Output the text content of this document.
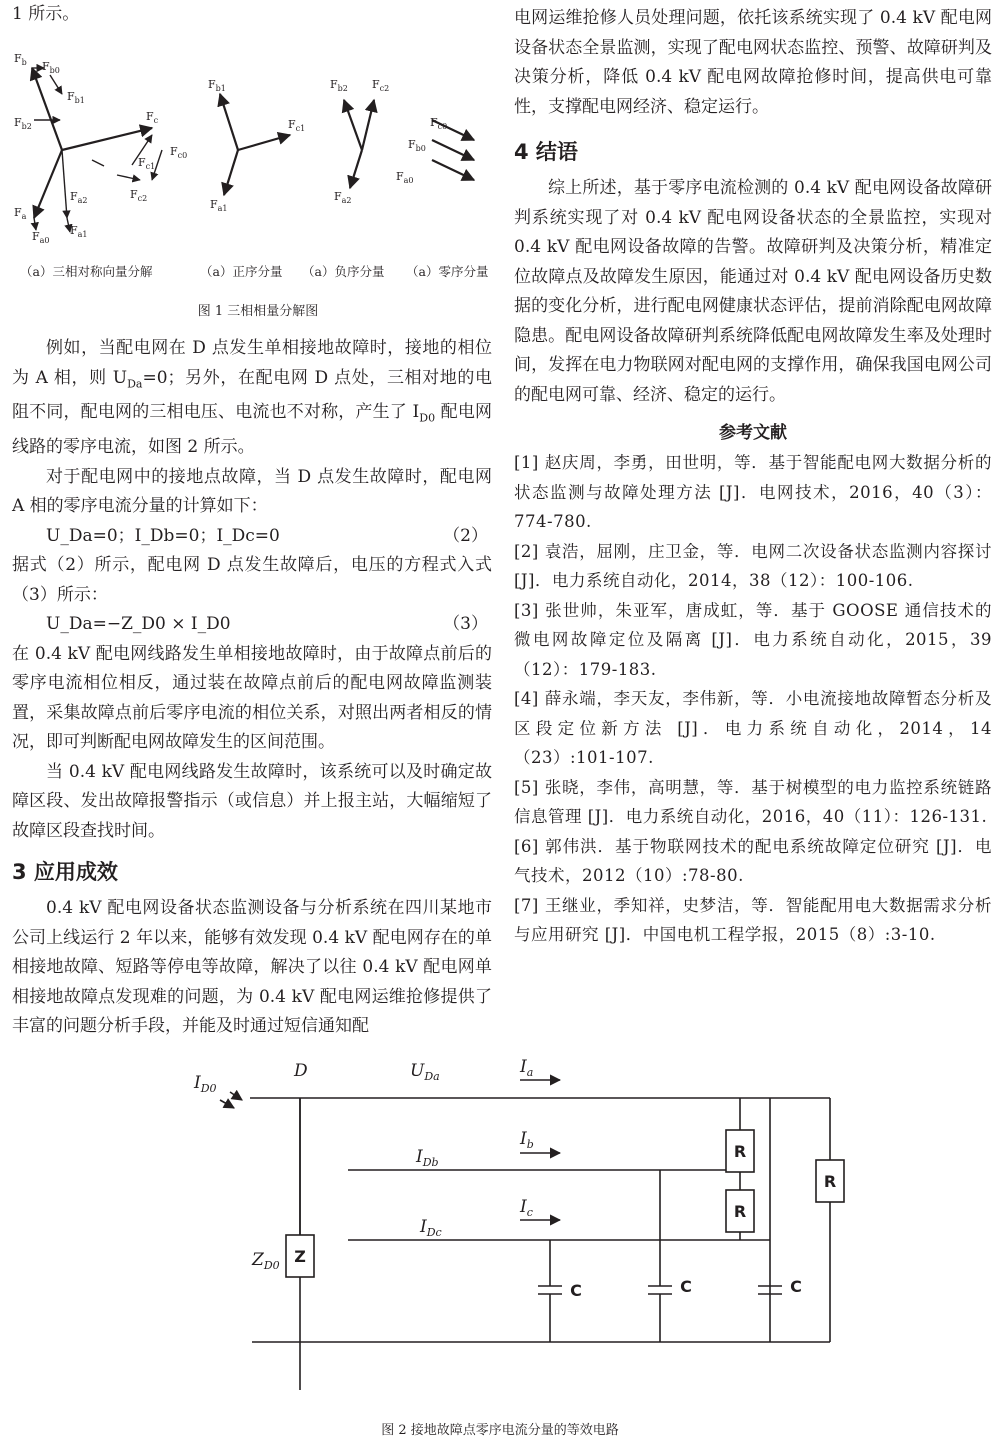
1 所示。

$F_b$ $F_{b0}$
$F_{b1}$
$F_{b2}$
$F_c$
$F_{c0}$
$F_{c1}$
$F_{c2}$
$F_a$
$F_{a0}$
$F_{a1}$
$F_{a2}$
$F_{b1}$
$F_{c1}$
$F_{a1}$
$F_{b2}$ $F_{c2}$
$F_{a2}$
$F_{c0}$
$F_{b0}$
$F_{a0}$
（a）三相对称向量分解	（a）正序分量 （a）负序分量 （a）零序分量
图 1 三相相量分解图

例如，当配电网在 D 点发生单相接地故障时，接地的相位为 A 相，则 $U_{Da}=0$；另外，在配电网 D 点处，三相对地的电阻不同，配电网的三相电压、电流也不对称，产生了 $I_{D0}$ 配电网线路的零序电流，如图 2 所示。

对于配电网中的接地点故障，当 D 点发生故障时，配电网 A 相的零序电流分量的计算如下：

U_Da=0；I_Db=0；I_Dc=0	（2）

据式（2）所示，配电网 D 点发生故障后，电压的方程式入式（3）所示：

U_Da=−Z_D0 × I_D0	（3）

在 0.4 kV 配电网线路发生单相接地故障时，由于故障点前后的零序电流相位相反，通过装在故障点前后的配电网故障监测装置，采集故障点前后零序电流的相位关系，对照出两者相反的情况，即可判断配电网故障发生的区间范围。

当 0.4 kV 配电网线路发生故障时，该系统可以及时确定故障区段、发出故障报警指示（或信息）并上报主站，大幅缩短了故障区段查找时间。

3 应用成效

0.4 kV 配电网设备状态监测设备与分析系统在四川某地市公司上线运行 2 年以来，能够有效发现 0.4 kV 配电网存在的单相接地故障、短路等停电等故障，解决了以往 0.4 kV 配电网单相接地故障点发现难的问题，为 0.4 kV 配电网运维抢修提供了丰富的问题分析手段，并能及时通过短信通知配

电网运维抢修人员处理问题，依托该系统实现了 0.4 kV 配电网设备状态全景监测，实现了配电网状态监控、预警、故障研判及决策分析，降低 0.4 kV 配电网故障抢修时间，提高供电可靠性，支撑配电网经济、稳定运行。

4 结语

综上所述，基于零序电流检测的 0.4 kV 配电网设备故障研判系统实现了对 0.4 kV 配电网设备状态的全景监控，实现对 0.4 kV 配电网设备故障的告警。故障研判及决策分析，精准定位故障点及故障发生原因，能通过对 0.4 kV 配电网设备历史数据的变化分析，进行配电网健康状态评估，提前消除配电网故障隐患。配电网设备故障研判系统降低配电网故障发生率及处理时间，发挥在电力物联网对配电网的支撑作用，确保我国电网公司的配电网可靠、经济、稳定的运行。

参考文献

[1] 赵庆周，李勇，田世明，等．基于智能配电网大数据分析的状态监测与故障处理方法 [J]．电网技术，2016，40（3）：774-780.

[2] 袁浩，屈刚，庄卫金，等．电网二次设备状态监测内容探讨 [J]．电力系统自动化，2014，38（12）：100-106.

[3] 张世帅，朱亚军，唐成虹，等．基于 GOOSE 通信技术的微电网故障定位及隔离 [J]．电力系统自动化，2015，39（12）：179-183.

[4] 薛永端，李天友，李伟新，等．小电流接地故障暂态分析及区段定位新方法 [J]．电力系统自动化，2014，14（23）:101-107.

[5] 张晓，李伟，高明慧，等．基于树模型的电力监控系统链路信息管理 [J]．电力系统自动化，2016，40（11）：126-131.

[6] 郭伟洪．基于物联网技术的配电系统故障定位研究 [J]．电气技术，2012（10）:78-80.

[7] 王继业，季知祥，史梦洁，等．智能配用电大数据需求分析与应用研究 [J]．中国电机工程学报，2015（8）:3-10.

$I_{D0}$
D	$U_{Da}$	$I_a$
$I_b$
$I_c$
$I_{Db}$
$I_{Dc}$
$Z_{D0}$ Z
R
R
R
C	C	C
图 2 接地故障点零序电流分量的等效电路
